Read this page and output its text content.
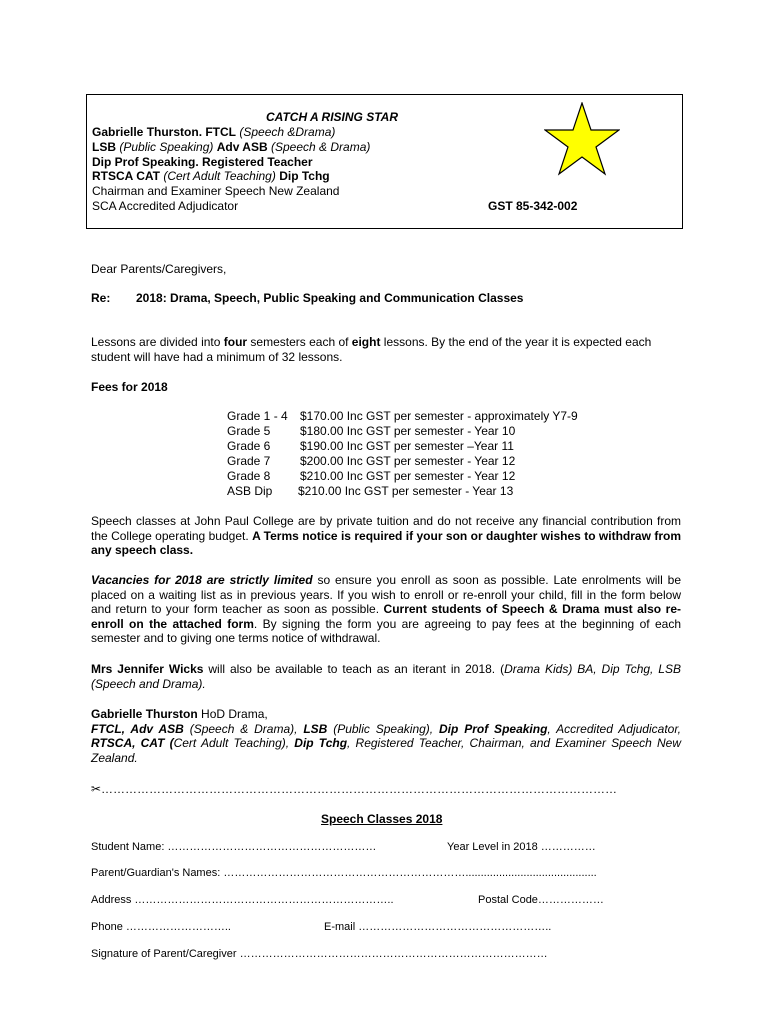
CATCH A RISING STAR
Gabrielle Thurston. FTCL (Speech &Drama)
LSB (Public Speaking) Adv ASB (Speech & Drama)
Dip Prof Speaking. Registered Teacher
RTSCA CAT (Cert Adult Teaching) Dip Tchg
Chairman and Examiner Speech New Zealand
SCA Accredited Adjudicator	GST 85-342-002
Dear Parents/Caregivers,
Re: 2018: Drama, Speech, Public Speaking and Communication Classes
Lessons are divided into four semesters each of eight lessons. By the end of the year it is expected each
student will have had a minimum of 32 lessons.
Fees for 2018
Grade 1 - 4 $170.00 Inc GST per semester - approximately Y7-9
Grade 5 $180.00 Inc GST per semester - Year 10
Grade 6 $190.00 Inc GST per semester –Year 11
Grade 7 $200.00 Inc GST per semester - Year 12
Grade 8 $210.00 Inc GST per semester - Year 12
ASB Dip $210.00 Inc GST per semester - Year 13
Speech classes at John Paul College are by private tuition and do not receive any financial contribution from the College operating budget. A Terms notice is required if your son or daughter wishes to withdraw from any speech class.
Vacancies for 2018 are strictly limited so ensure you enroll as soon as possible. Late enrolments will be placed on a waiting list as in previous years. If you wish to enroll or re-enroll your child, fill in the form below and return to your form teacher as soon as possible. Current students of Speech & Drama must also re-enroll on the attached form. By signing the form you are agreeing to pay fees at the beginning of each semester and to giving one terms notice of withdrawal.
Mrs Jennifer Wicks will also be available to teach as an iterant in 2018. (Drama Kids) BA, Dip Tchg, LSB (Speech and Drama).
Gabrielle Thurston HoD Drama,
FTCL, Adv ASB (Speech & Drama), LSB (Public Speaking), Dip Prof Speaking, Accredited Adjudicator, RTSCA, CAT (Cert Adult Teaching), Dip Tchg, Registered Teacher, Chairman, and Examiner Speech New Zealand.
✂…………………………………………………………………………………………………………………
Speech Classes 2018
Student Name: …………………………………………………	Year Level in 2018 ……………
Parent/Guardian's Names: …………………………………………………………...........................................
Address ……………………………………………………………..	Postal Code………………
Phone ………………………..	E-mail ……………………………………………..
Signature of Parent/Caregiver …………………………………………………………………………
